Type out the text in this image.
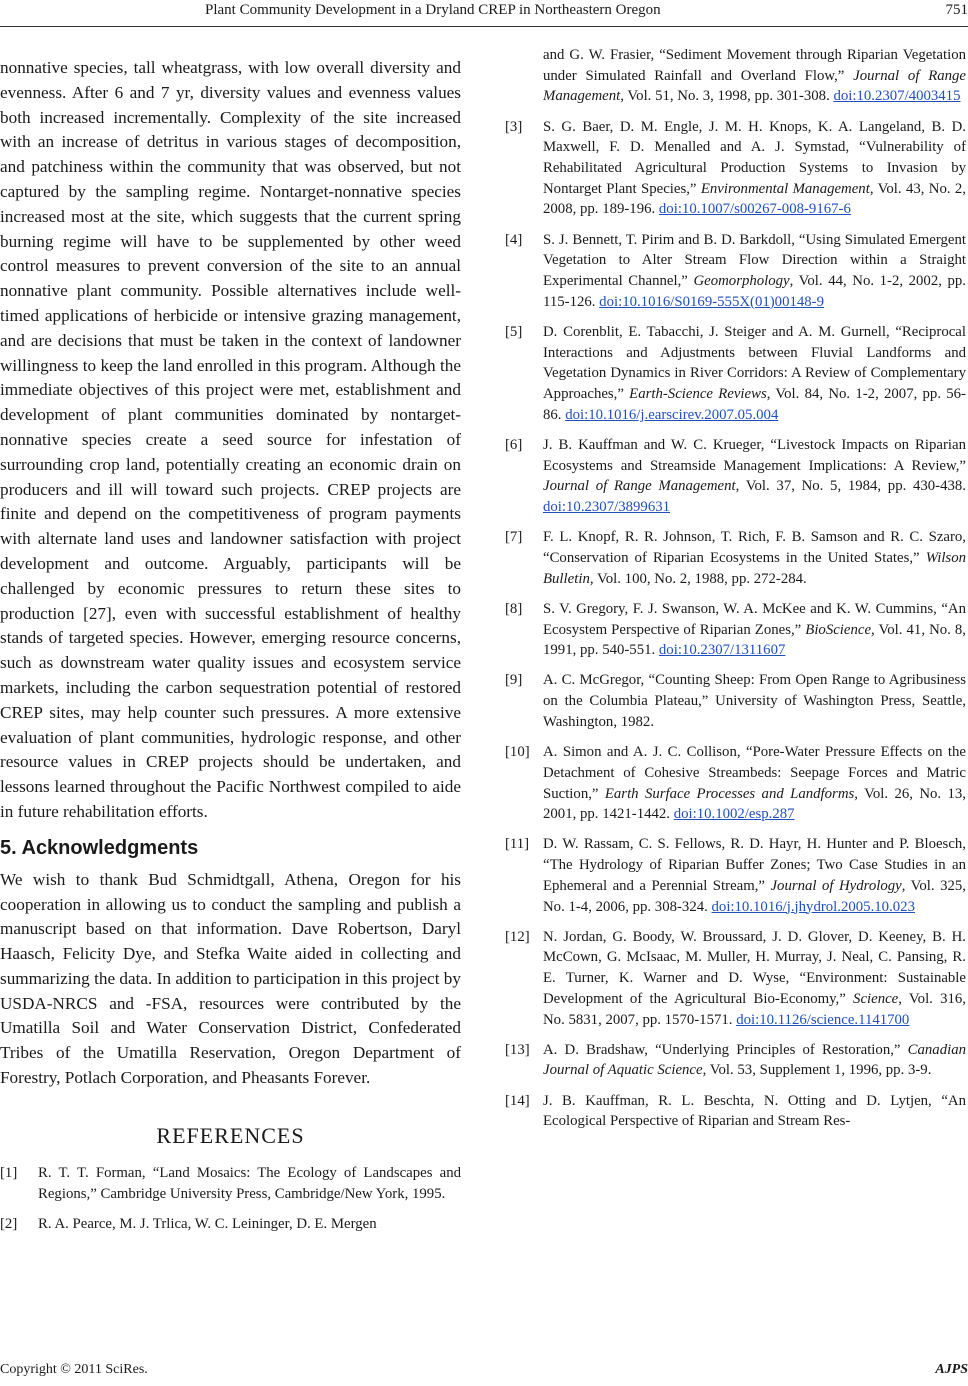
Plant Community Development in a Dryland CREP in Northeastern Oregon	751

nonnative species, tall wheatgrass, with low overall diversity and evenness. After 6 and 7 yr, diversity values and evenness values both increased incrementally. Complexity of the site increased with an increase of detritus in various stages of decomposition, and patchiness within the community that was observed, but not captured by the sampling regime. Nontarget-nonnative species increased most at the site, which suggests that the current spring burning regime will have to be supplemented by other weed control measures to prevent conversion of the site to an annual nonnative plant community. Possible alternatives include well-timed applications of herbicide or intensive grazing management, and are decisions that must be taken in the context of landowner willingness to keep the land enrolled in this program. Although the immediate objectives of this project were met, establishment and development of plant communities dominated by nontarget-nonnative species create a seed source for infestation of surrounding crop land, potentially creating an economic drain on producers and ill will toward such projects. CREP projects are finite and depend on the competitiveness of program payments with alternate land uses and landowner satisfaction with project development and outcome. Arguably, participants will be challenged by economic pressures to return these sites to production [27], even with successful establishment of healthy stands of targeted species. However, emerging resource concerns, such as downstream water quality issues and ecosystem service markets, including the carbon sequestration potential of restored CREP sites, may help counter such pressures. A more extensive evaluation of plant communities, hydrologic response, and other resource values in CREP projects should be undertaken, and lessons learned throughout the Pacific Northwest compiled to aide in future rehabilitation efforts.

5. Acknowledgments

We wish to thank Bud Schmidtgall, Athena, Oregon for his cooperation in allowing us to conduct the sampling and publish a manuscript based on that information. Dave Robertson, Daryl Haasch, Felicity Dye, and Stefka Waite aided in collecting and summarizing the data. In addition to participation in this project by USDA-NRCS and -FSA, resources were contributed by the Umatilla Soil and Water Conservation District, Confederated Tribes of the Umatilla Reservation, Oregon Department of Forestry, Potlach Corporation, and Pheasants Forever.

REFERENCES
[1] R. T. T. Forman, “Land Mosaics: The Ecology of Landscapes and Regions,” Cambridge University Press, Cambridge/New York, 1995.
[2] R. A. Pearce, M. J. Trlica, W. C. Leininger, D. E. Mergen
and G. W. Frasier, “Sediment Movement through Riparian Vegetation under Simulated Rainfall and Overland Flow,” Journal of Range Management, Vol. 51, No. 3, 1998, pp. 301-308. doi:10.2307/4003415
[3] S. G. Baer, D. M. Engle, J. M. H. Knops, K. A. Langeland, B. D. Maxwell, F. D. Menalled and A. J. Symstad, “Vulnerability of Rehabilitated Agricultural Production Systems to Invasion by Nontarget Plant Species,” Environmental Management, Vol. 43, No. 2, 2008, pp. 189-196. doi:10.1007/s00267-008-9167-6
[4] S. J. Bennett, T. Pirim and B. D. Barkdoll, “Using Simulated Emergent Vegetation to Alter Stream Flow Direction within a Straight Experimental Channel,” Geomorphology, Vol. 44, No. 1-2, 2002, pp. 115-126. doi:10.1016/S0169-555X(01)00148-9
[5] D. Corenblit, E. Tabacchi, J. Steiger and A. M. Gurnell, “Reciprocal Interactions and Adjustments between Fluvial Landforms and Vegetation Dynamics in River Corridors: A Review of Complementary Approaches,” Earth-Science Reviews, Vol. 84, No. 1-2, 2007, pp. 56-86. doi:10.1016/j.earscirev.2007.05.004
[6] J. B. Kauffman and W. C. Krueger, “Livestock Impacts on Riparian Ecosystems and Streamside Management Implications: A Review,” Journal of Range Management, Vol. 37, No. 5, 1984, pp. 430-438. doi:10.2307/3899631
[7] F. L. Knopf, R. R. Johnson, T. Rich, F. B. Samson and R. C. Szaro, “Conservation of Riparian Ecosystems in the United States,” Wilson Bulletin, Vol. 100, No. 2, 1988, pp. 272-284.
[8] S. V. Gregory, F. J. Swanson, W. A. McKee and K. W. Cummins, “An Ecosystem Perspective of Riparian Zones,” BioScience, Vol. 41, No. 8, 1991, pp. 540-551. doi:10.2307/1311607
[9] A. C. McGregor, “Counting Sheep: From Open Range to Agribusiness on the Columbia Plateau,” University of Washington Press, Seattle, Washington, 1982.
[10] A. Simon and A. J. C. Collison, “Pore-Water Pressure Effects on the Detachment of Cohesive Streambeds: Seepage Forces and Matric Suction,” Earth Surface Processes and Landforms, Vol. 26, No. 13, 2001, pp. 1421-1442. doi:10.1002/esp.287
[11] D. W. Rassam, C. S. Fellows, R. D. Hayr, H. Hunter and P. Bloesch, “The Hydrology of Riparian Buffer Zones; Two Case Studies in an Ephemeral and a Perennial Stream,” Journal of Hydrology, Vol. 325, No. 1-4, 2006, pp. 308-324. doi:10.1016/j.jhydrol.2005.10.023
[12] N. Jordan, G. Boody, W. Broussard, J. D. Glover, D. Keeney, B. H. McCown, G. McIsaac, M. Muller, H. Murray, J. Neal, C. Pansing, R. E. Turner, K. Warner and D. Wyse, “Environment: Sustainable Development of the Agricultural Bio-Economy,” Science, Vol. 316, No. 5831, 2007, pp. 1570-1571. doi:10.1126/science.1141700
[13] A. D. Bradshaw, “Underlying Principles of Restoration,” Canadian Journal of Aquatic Science, Vol. 53, Supplement 1, 1996, pp. 3-9.
[14] J. B. Kauffman, R. L. Beschta, N. Otting and D. Lytjen, “An Ecological Perspective of Riparian and Stream Res-
Copyright © 2011 SciRes.	AJPS
